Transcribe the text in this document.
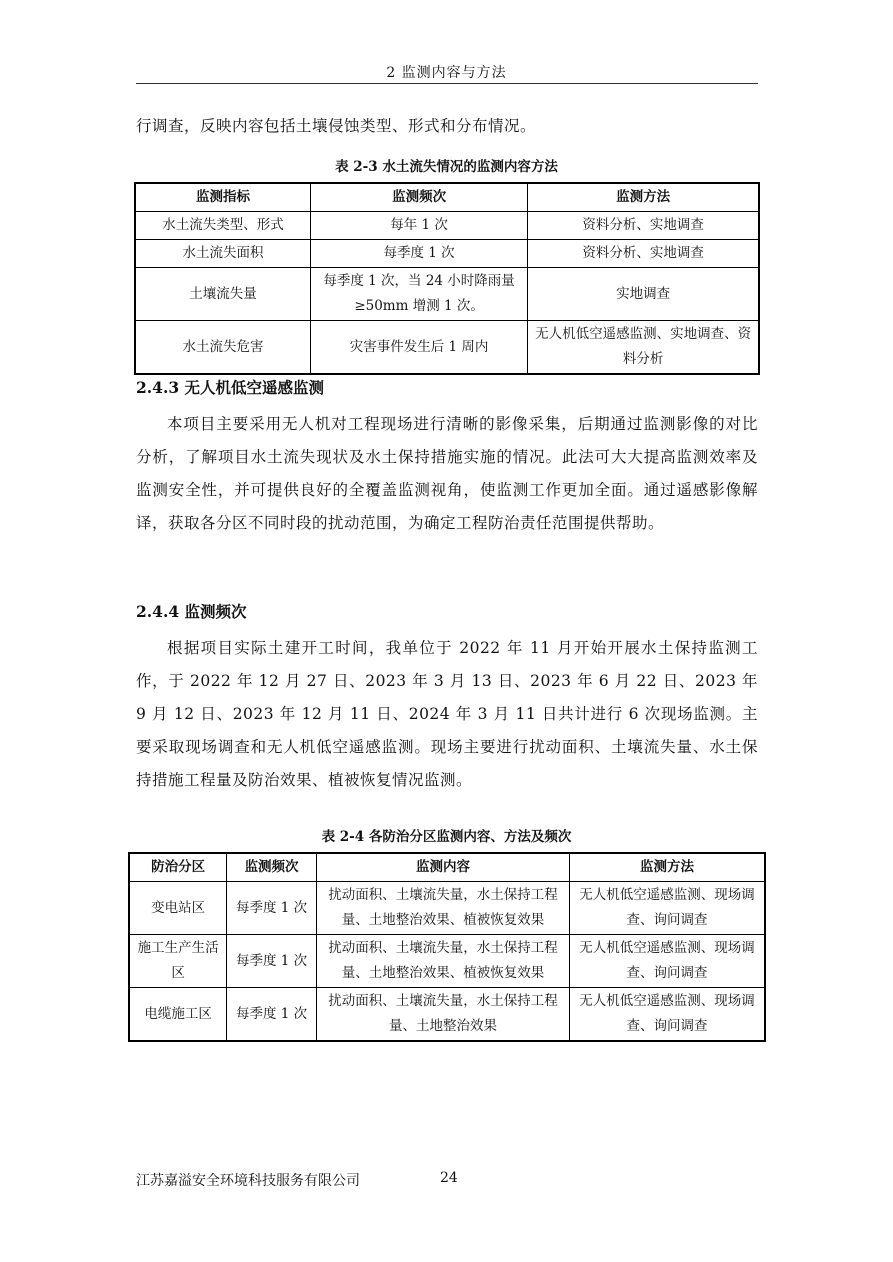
2 监测内容与方法

行调查，反映内容包括土壤侵蚀类型、形式和分布情况。

表 2-3 水土流失情况的监测内容方法
监测指标	监测频次	监测方法
水土流失类型、形式	每年 1 次	资料分析、实地调查
水土流失面积	每季度 1 次	资料分析、实地调查
土壤流失量	每季度 1 次，当 24 小时降雨量≥50mm 增测 1 次。	实地调查
水土流失危害	灾害事件发生后 1 周内	无人机低空遥感监测、实地调查、资料分析
2.4.3 无人机低空遥感监测

本项目主要采用无人机对工程现场进行清晰的影像采集，后期通过监测影像的对比分析，了解项目水土流失现状及水土保持措施实施的情况。此法可大大提高监测效率及监测安全性，并可提供良好的全覆盖监测视角，使监测工作更加全面。通过遥感影像解译，获取各分区不同时段的扰动范围，为确定工程防治责任范围提供帮助。

2.4.4 监测频次

根据项目实际土建开工时间，我单位于 2022 年 11 月开始开展水土保持监测工作，于 2022 年 12 月 27 日、2023 年 3 月 13 日、2023 年 6 月 22 日、2023 年 9 月 12 日、2023 年 12 月 11 日、2024 年 3 月 11 日共计进行 6 次现场监测。主要采取现场调查和无人机低空遥感监测。现场主要进行扰动面积、土壤流失量、水土保持措施工程量及防治效果、植被恢复情况监测。

表 2-4 各防治分区监测内容、方法及频次
防治分区	监测频次	监测内容	监测方法
变电站区	每季度 1 次	扰动面积、土壤流失量，水土保持工程量、土地整治效果、植被恢复效果	无人机低空遥感监测、现场调查、询问调查
施工生产生活区	每季度 1 次	扰动面积、土壤流失量，水土保持工程量、土地整治效果、植被恢复效果	无人机低空遥感监测、现场调查、询问调查
电缆施工区	每季度 1 次	扰动面积、土壤流失量，水土保持工程量、土地整治效果	无人机低空遥感监测、现场调查、询问调查
江苏嘉溢安全环境科技服务有限公司	24
